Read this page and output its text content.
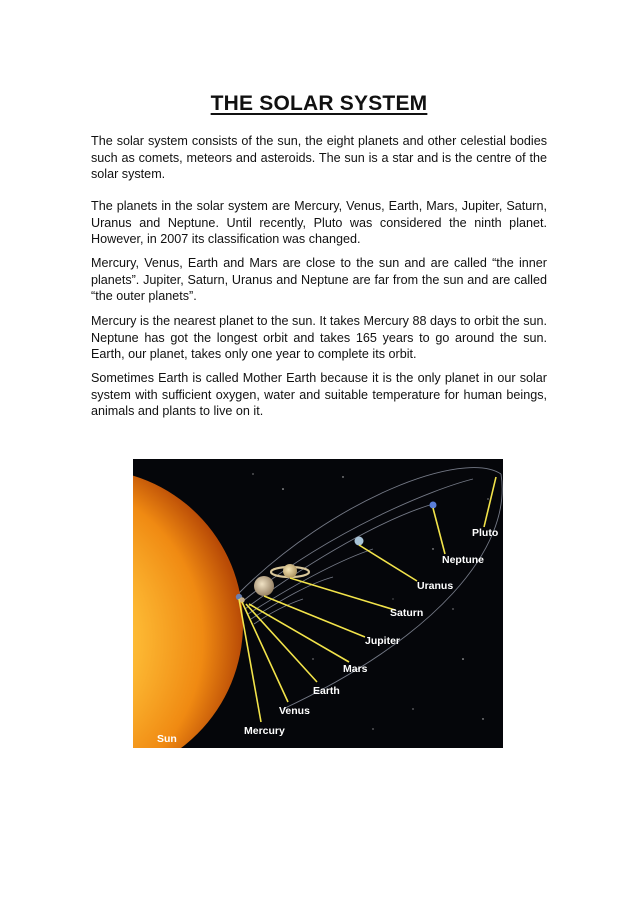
THE SOLAR SYSTEM

The solar system consists of the sun, the eight planets and other celestial bodies such as comets, meteors and asteroids. The sun is a star and is the centre of the solar system.

The planets in the solar system are Mercury, Venus, Earth, Mars, Jupiter, Saturn, Uranus and Neptune. Until recently, Pluto was considered the ninth planet. However, in 2007 its classification was changed.

Mercury, Venus, Earth and Mars are close to the sun and are called “the inner planets”. Jupiter, Saturn, Uranus and Neptune are far from the sun and are called “the outer planets”.

Mercury is the nearest planet to the sun. It takes Mercury 88 days to orbit the sun. Neptune has got the longest orbit and takes 165 years to go around the sun. Earth, our planet, takes only one year to complete its orbit.

Sometimes Earth is called Mother Earth because it is the only planet in our solar system with sufficient oxygen, water and suitable temperature for human beings, animals and plants to live on it.

Sun
Mercury
Venus
Earth
Mars
Jupiter
Saturn
Uranus
Neptune
Pluto
